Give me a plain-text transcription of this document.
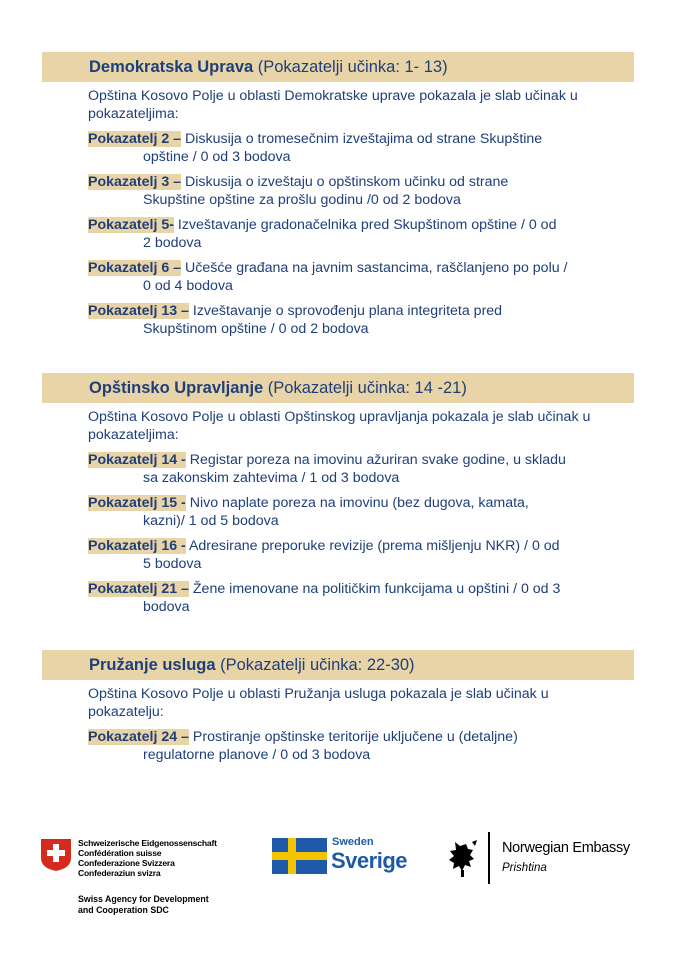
Demokratska Uprava (Pokazatelji učinka: 1- 13)
Opština Kosovo Polje u oblasti Demokratske uprave pokazala je slab učinak u pokazateljima:
Pokazatelj 2 – Diskusija o tromesečnim izveštajima od strane Skupštine
opštine / 0 od 3 bodova
Pokazatelj 3 – Diskusija o izveštaju o opštinskom učinku od strane
Skupštine opštine za prošlu godinu /0 od 2 bodova
Pokazatelj 5- Izveštavanje gradonačelnika pred Skupštinom opštine / 0 od
2 bodova
Pokazatelj 6 – Učešće građana na javnim sastancima, raščlanjeno po polu /
0 od 4 bodova
Pokazatelj 13 – Izveštavanje o sprovođenju plana integriteta pred
Skupštinom opštine / 0 od 2 bodova
Opštinsko Upravljanje (Pokazatelji učinka: 14 -21)
Opština Kosovo Polje u oblasti Opštinskog upravljanja pokazala je slab učinak u pokazateljima:
Pokazatelj 14 - Registar poreza na imovinu ažuriran svake godine, u skladu
sa zakonskim zahtevima / 1 od 3 bodova
Pokazatelj 15 - Nivo naplate poreza na imovinu (bez dugova, kamata,
kazni)/ 1 od 5 bodova
Pokazatelj 16 - Adresirane preporuke revizije (prema mišljenju NKR) / 0 od
5 bodova
Pokazatelj 21 – Žene imenovane na političkim funkcijama u opštini / 0 od 3
bodova
Pružanje usluga (Pokazatelji učinka: 22-30)
Opština Kosovo Polje u oblasti Pružanja usluga pokazala je slab učinak u pokazatelju:
Pokazatelj 24 – Prostiranje opštinske teritorije uključene u (detaljne)
regulatorne planove / 0 od 3 bodova
Schweizerische Eidgenossenschaft
Confédération suisse
Confederazione Svizzera
Confederaziun svizra
Swiss Agency for Development
and Cooperation SDC
Sweden
Sverige	Norwegian Embassy
Prishtina
